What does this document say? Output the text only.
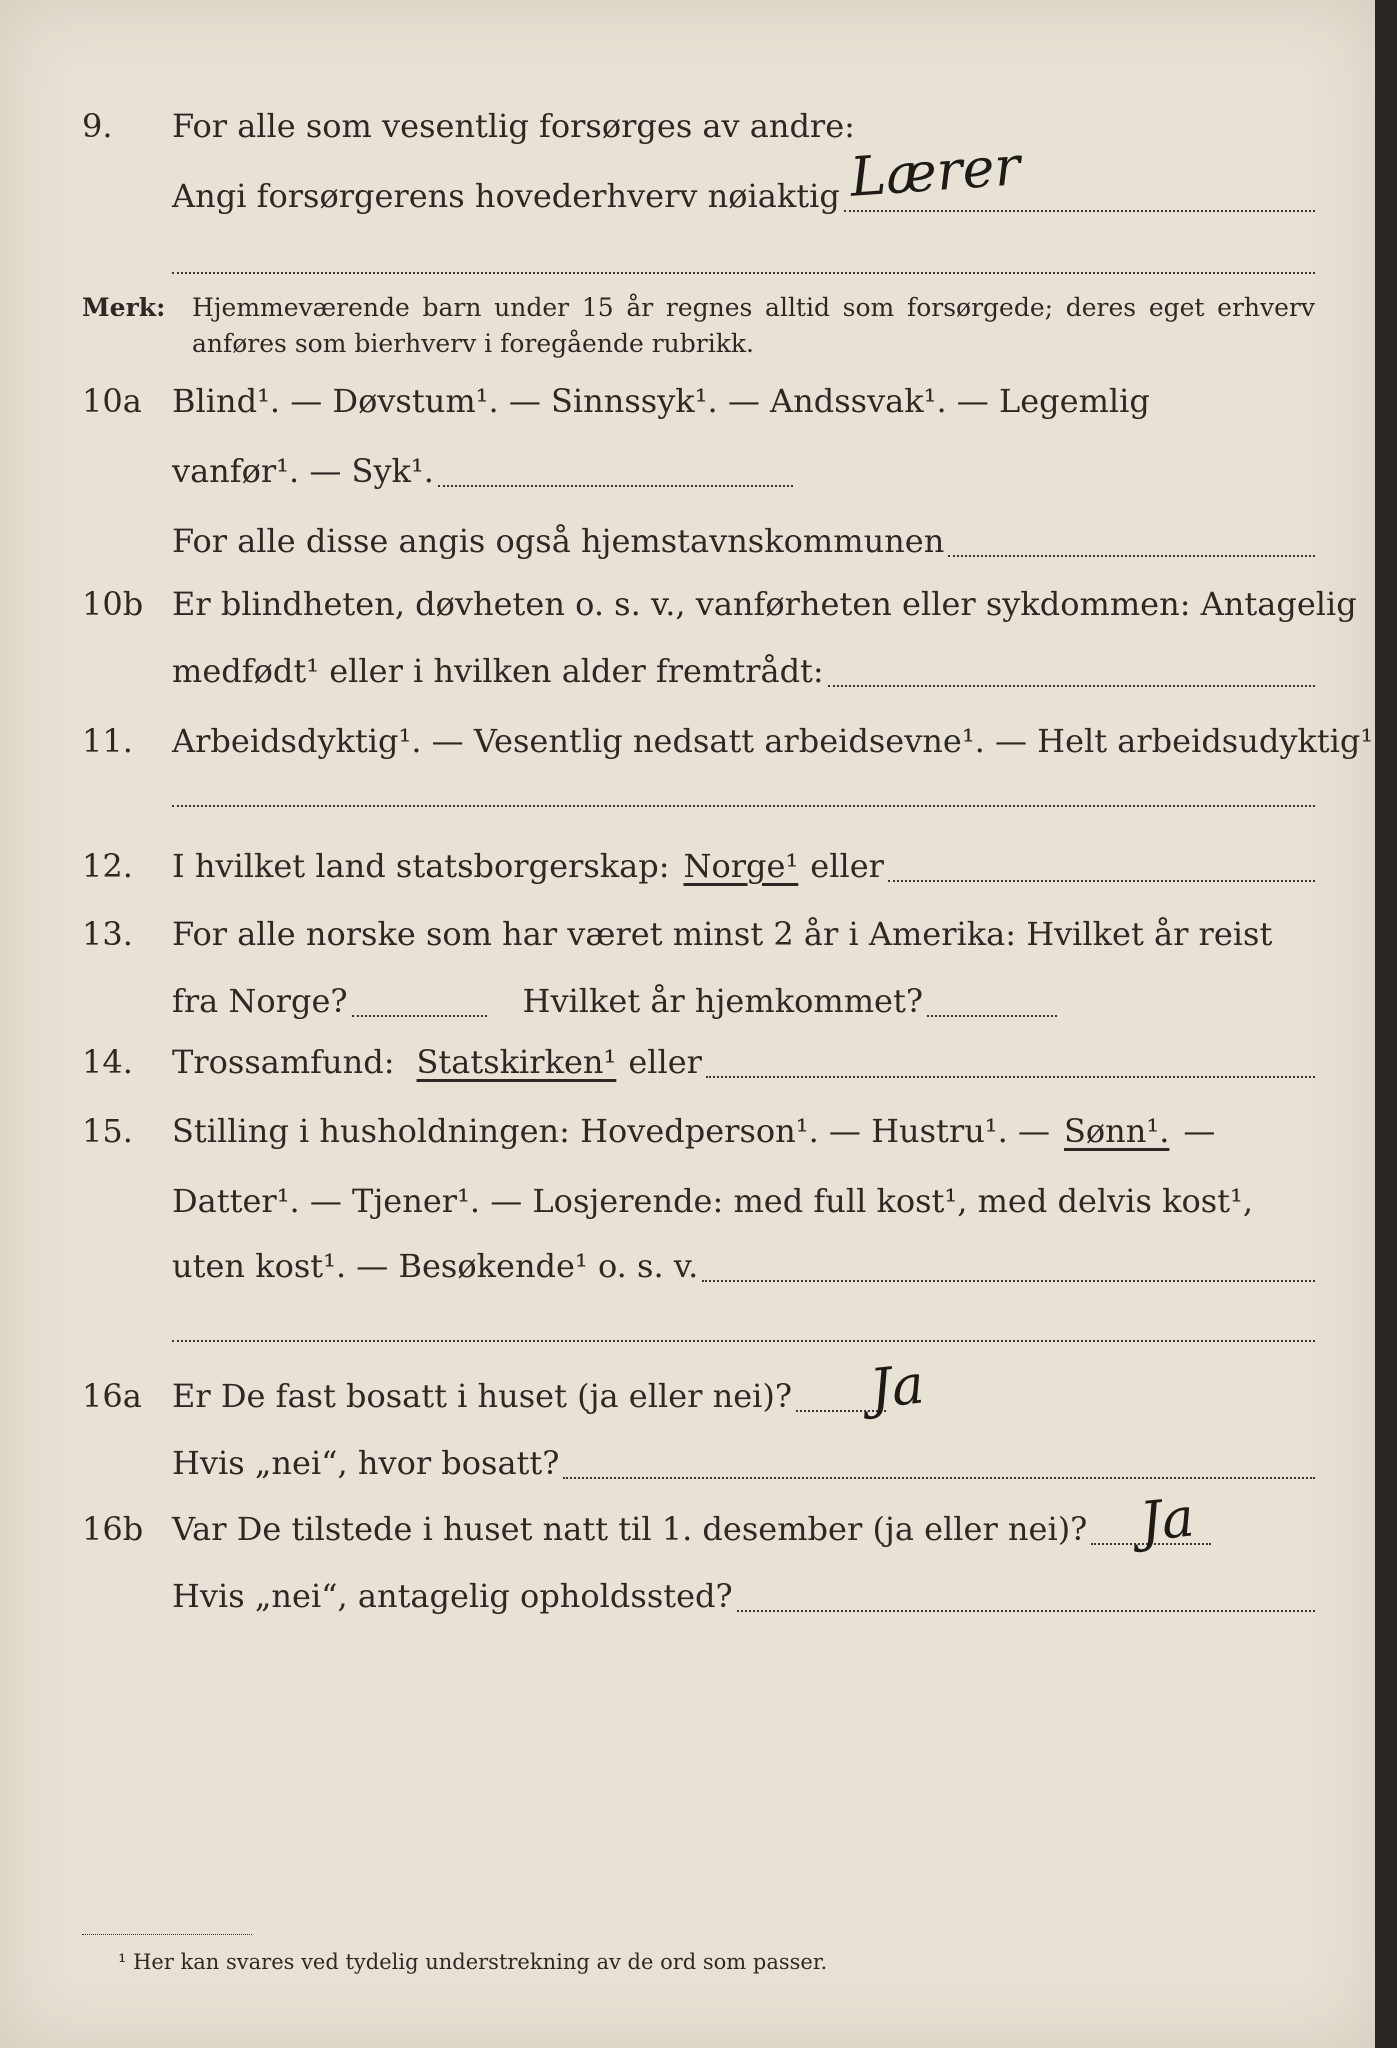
9. For alle som vesentlig forsørges av andre:
Angi forsørgerens hovederhverv nøiaktig Lærer
Merk: Hjemmeværende barn under 15 år regnes alltid som forsørgede; deres eget erhverv anføres som bierhverv i foregående rubrikk.
10a Blind¹. — Døvstum¹. — Sinnssyk¹. — Andssvak¹. — Legemlig
vanfør¹. — Syk¹.
For alle disse angis også hjemstavnskommunen
10b Er blindheten, døvheten o. s. v., vanførheten eller sykdommen: Antagelig
medfødt¹ eller i hvilken alder fremtrådt:
11. Arbeidsdyktig¹. — Vesentlig nedsatt arbeidsevne¹. — Helt arbeidsudyktig¹.
12. I hvilket land statsborgerskap: Norge¹ eller
13. For alle norske som har været minst 2 år i Amerika: Hvilket år reist
fra Norge?	Hvilket år hjemkommet?
14. Trossamfund: Statskirken¹ eller
15. Stilling i husholdningen: Hovedperson¹. — Hustru¹. — Sønn¹. —
Datter¹. — Tjener¹. — Losjerende: med full kost¹, med delvis kost¹,
uten kost¹. — Besøkende¹ o. s. v.
16a Er De fast bosatt i huset (ja eller nei)? Ja
Hvis „nei“, hvor bosatt?
16b Var De tilstede i huset natt til 1. desember (ja eller nei)? Ja
Hvis „nei“, antagelig opholdssted?
¹ Her kan svares ved tydelig understrekning av de ord som passer.
